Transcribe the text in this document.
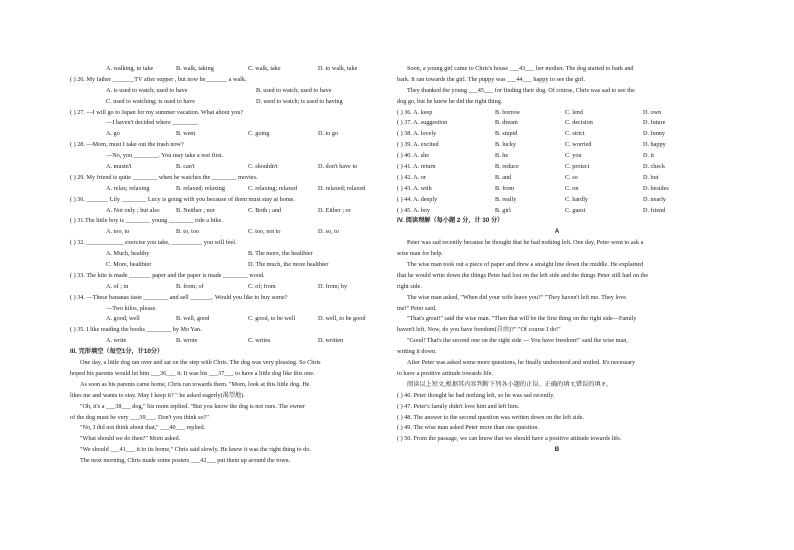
A. walking, to take	B. walk, taking	C. walk, take	D. to walk, take
( ) 26. My father _______TV after supper , but now he_______ a walk.
A. is used to watch; used to have	B. used to watch; used to have
C. used to watching; is used to have	D. used to watch; is used to having
( ) 27. —I will go to Japan for my summer vacation. What about you?
—I haven't decided where ________.
A. go	B. went	C. going	D. to go
( ) 28. —Mom, must I take out the trash now?
—No, you ________. You may take a rest first.
A. mustn't	B. can't	C. shouldn't	D. don't have to
( ) 29. My friend is quite ________ when he watches the ________ movies.
A. relax; relaxing	B. relaxed; relaxing	C. relaxing; relaxed	D. relaxed; relaxed
( ) 30. _______ Lily ________ Lucy is going with you because of them must stay at home.
A. Not only ; but also	B. Neither ; nor	C. Both ; and	D. Either ; or
( ) 31.The little boy is ________ young ________ ride a bike.
A. too, to	B. to, too	C. too, not to	D. so, to
( ) 32. ____________ exercise you take, __________ you will feel.
A. Much, healthy	B. The more, the healthier
C. More, healthier	D. The much, the more healthier
( ) 33. The kite is made _______ paper and the paper is made ________ wood.
A. of ; in	B. from; of	C. of; from	D. from; by
( ) 34. —These bananas taste ________ and sell _______. Would you like to buy some?
—Two kilos, please.
A. good, well	B. well, good	C. good, to be well	D. well, to be good
( ) 35. I like reading the books ________ by Mo Yan.
A. write	B. wrote	C. writes	D. written
III. 完形填空（每空1分，计10分）
One day, a little dog ran over and sat on the step with Chris. The dog was very pleasing. So Chris
hoped his parents would let him ___36___ it. It was his ___37___ to have a little dog like this one.
As soon as his parents came home, Chris ran towards them. "Mom, look at this little dog. He
likes me and wants to stay. May I keep it? " he asked eagerly(渴望地).
"Oh, it's a ___38___ dog," his mom replied. "But you know the dog is not ours. The owner
of the dog must be very ___39___. Don't you think so?"
"No, I did not think about that," ___40___ replied.
"What should we do then?" Mom asked.
"We should ___41___ it to its home," Chris said slowly. He knew it was the right thing to do.
The next morning, Chris made some posters ___42___ put them up around the town.
Soon, a young girl came to Chris's house ___43___ her mother. The dog started to bark and
bark. It ran towards the girl. The puppy was ___44___ happy to see the girl.
They thanked the young ___45___ for finding their dog. Of course, Chris was sad to see the
dog go, but he knew he did the right thing.
( ) 36. A. keep	B. borrow	C. lend	D. own
( ) 37. A. suggestion	B. dream	C. decision	D. future
( ) 38. A. lovely	B. stupid	C. strict	D. funny
( ) 39. A. excited	B. lucky	C. worried	D. happy
( ) 40. A. she	B. he	C. you	D. it
( ) 41. A. return	B. reduce	C. protect	D. check
( ) 42. A. or	B. and	C. so	D. but
( ) 43. A. with	B. from	C. on	D. besides
( ) 44. A. deeply	B. really	C. hardly	D. nearly
( ) 45. A. boy	B. girl	C. guest	D. friend
IV. 阅读理解（每小题 2 分，计 30 分）
A
Peter was sad recently because he thought that he had nothing left. One day, Peter went to ask a
wise man for help.
The wise man took out a piece of paper and drew a straight line down the middle. He explained
that he would write down the things Peter had lost on the left side and the things Peter still had on the
right side.
The wise man asked, "When did your wife leave you?" "They haven't left me. They love
me!" Peter said.
"That's great!" said the wise man. "Then that will be the first thing on the right side—Family
haven't left. Now, do you have freedom(自由)?" "Of course I do!"
"Good! That's the second one on the right side — You have freedom!" said the wise man,
writing it down.
After Peter was asked some more questions, he finally understood and smiled. It's necessary
to have a positive attitude towards life.
阅读以上短文,根据其内容判断下列各小题的正误。正确的填 T,错误的填 F。
( ) 46. Peter thought he had nothing left, so he was sad recently.
( ) 47. Peter's family didn't love him and left him.
( ) 48. The answer to the second question was written down on the left side.
( ) 49. The wise man asked Peter more than one question.
( ) 50. From the passage, we can know that we should have a positive attitude towards life.
B
